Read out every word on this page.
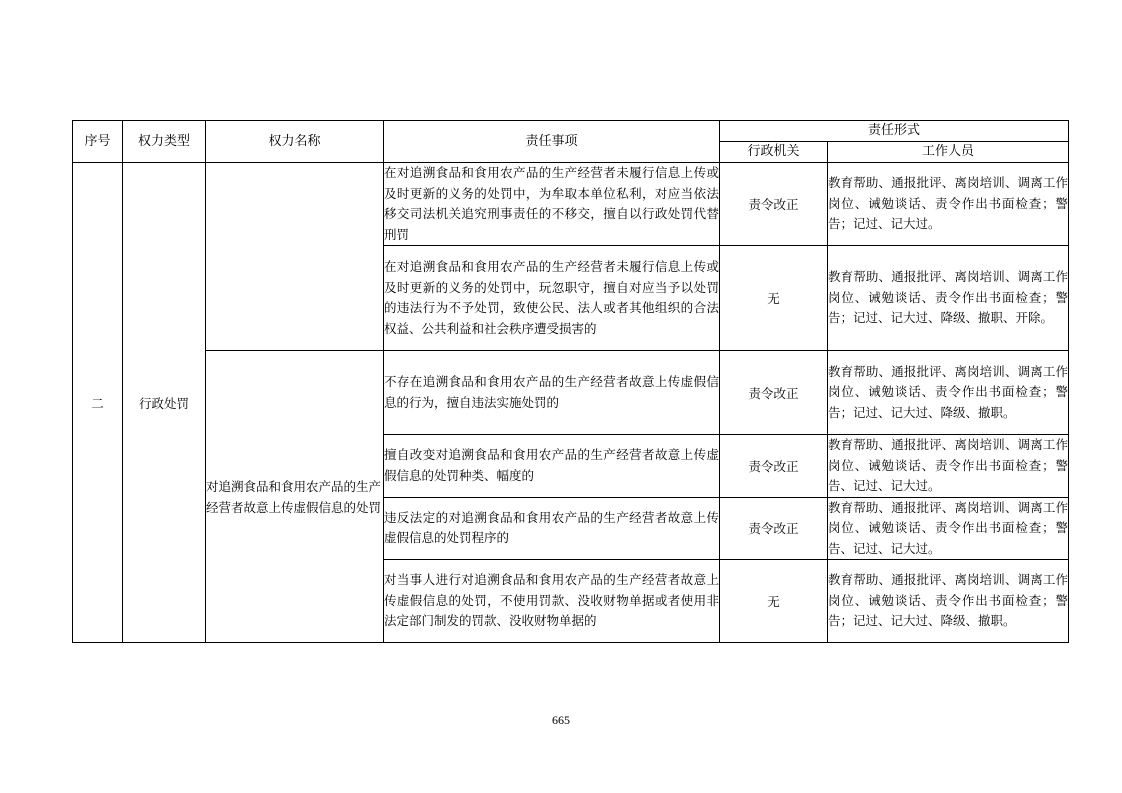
序号	权力类型	权力名称	责任事项	责任形式	
				行政机关	工作人员
二	行政处罚		在对追溯食品和食用农产品的生产经营者未履行信息上传或及时更新的义务的处罚中，为牟取本单位私利，对应当依法移交司法机关追究刑事责任的不移交，擅自以行政处罚代替刑罚	责令改正	教育帮助、通报批评、离岗培训、调离工作岗位、诫勉谈话、责令作出书面检查；警告；记过、记大过。
			在对追溯食品和食用农产品的生产经营者未履行信息上传或及时更新的义务的处罚中，玩忽职守，擅自对应当予以处罚的违法行为不予处罚，致使公民、法人或者其他组织的合法权益、公共利益和社会秩序遭受损害的	无	教育帮助、通报批评、离岗培训、调离工作岗位、诫勉谈话、责令作出书面检查；警告；记过、记大过、降级、撤职、开除。
		对追溯食品和食用农产品的生产经营者故意上传虚假信息的处罚	不存在追溯食品和食用农产品的生产经营者故意上传虚假信息的行为，擅自违法实施处罚的	责令改正	教育帮助、通报批评、离岗培训、调离工作岗位、诫勉谈话、责令作出书面检查；警告；记过、记大过、降级、撤职。
			擅自改变对追溯食品和食用农产品的生产经营者故意上传虚假信息的处罚种类、幅度的	责令改正	教育帮助、通报批评、离岗培训、调离工作岗位、诫勉谈话、责令作出书面检查；警告、记过、记大过。
			违反法定的对追溯食品和食用农产品的生产经营者故意上传虚假信息的处罚程序的	责令改正	教育帮助、通报批评、离岗培训、调离工作岗位、诫勉谈话、责令作出书面检查；警告、记过、记大过。
			对当事人进行对追溯食品和食用农产品的生产经营者故意上传虚假信息的处罚，不使用罚款、没收财物单据或者使用非法定部门制发的罚款、没收财物单据的	无	教育帮助、通报批评、离岗培训、调离工作岗位、诫勉谈话、责令作出书面检查；警告；记过、记大过、降级、撤职。
665
